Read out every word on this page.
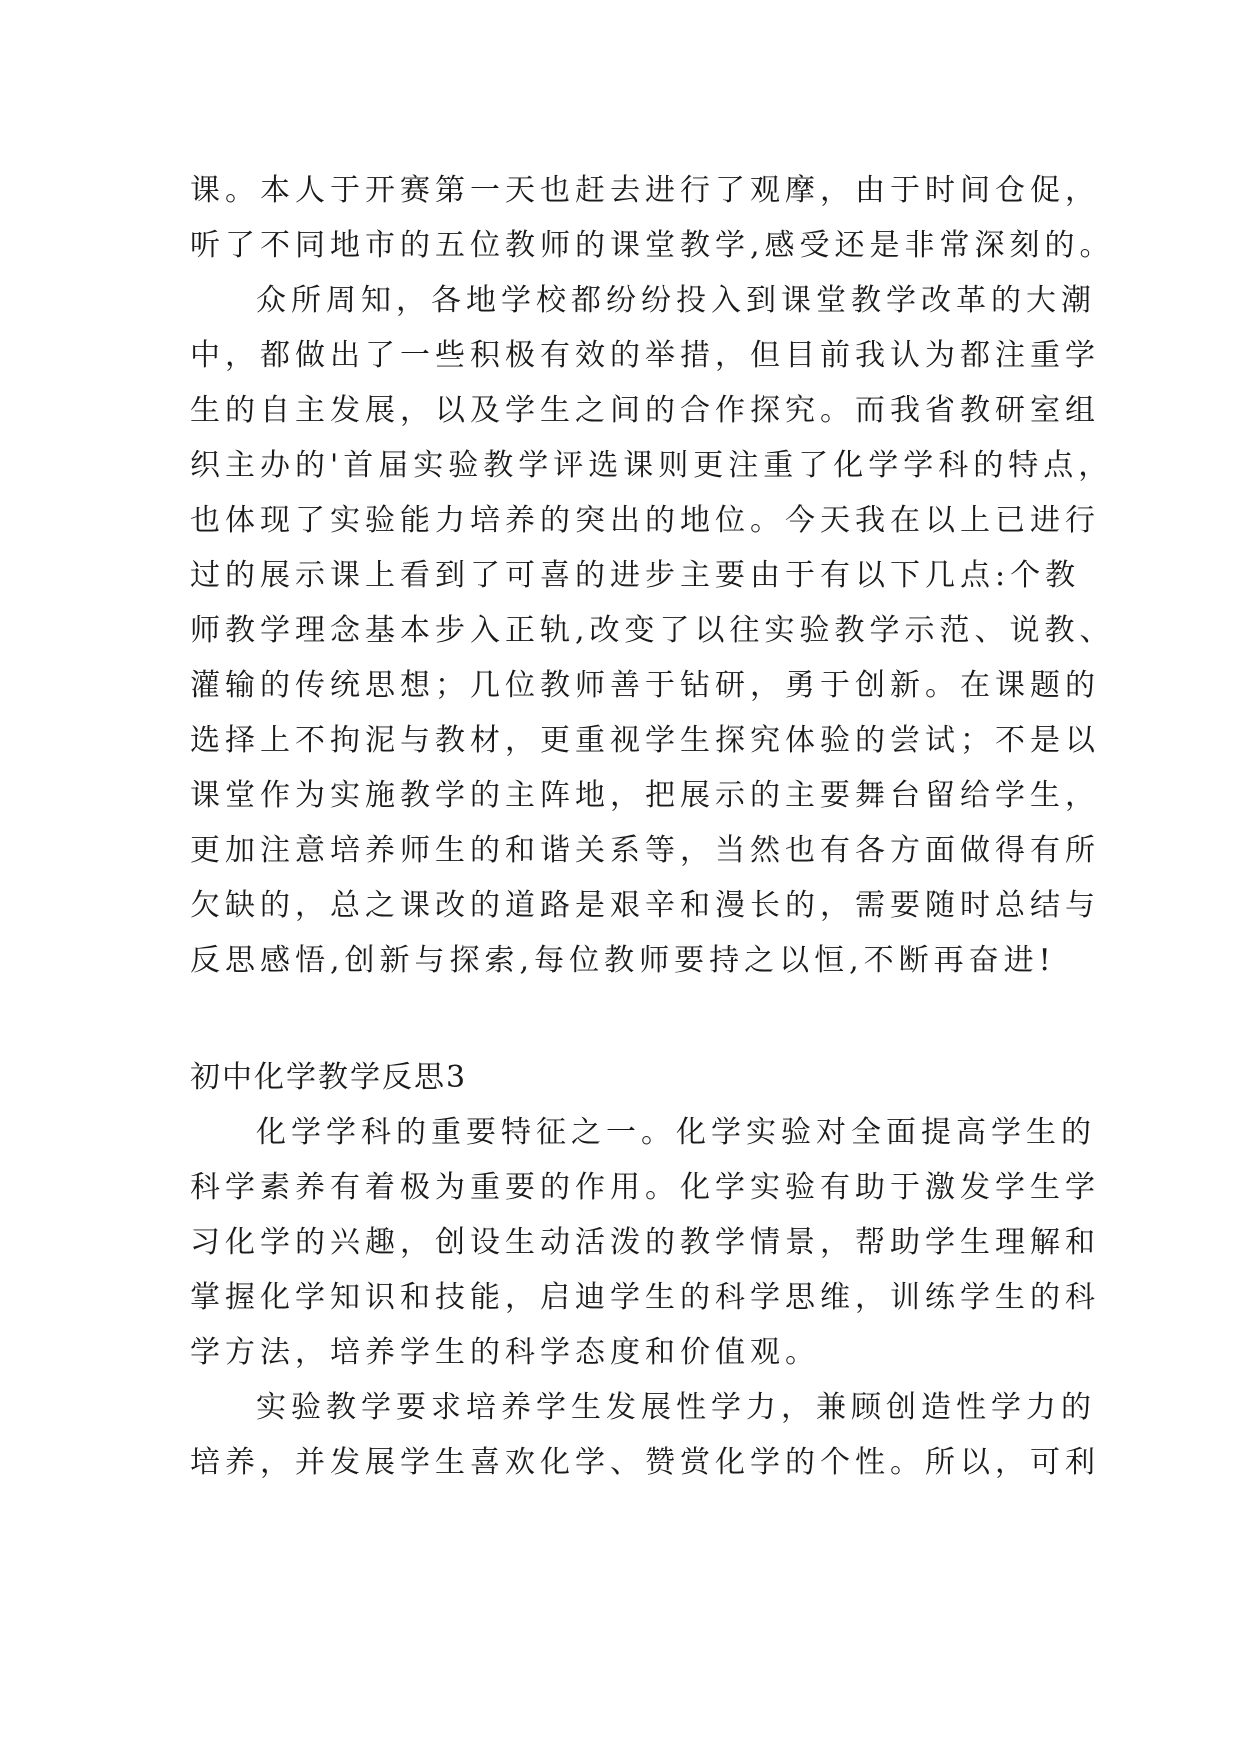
课。本人于开赛第一天也赶去进行了观摩，由于时间仓促，
听了不同地市的五位教师的课堂教学,感受还是非常深刻的。
众所周知，各地学校都纷纷投入到课堂教学改革的大潮
中，都做出了一些积极有效的举措，但目前我认为都注重学
生的自主发展，以及学生之间的合作探究。而我省教研室组
织主办的'首届实验教学评选课则更注重了化学学科的特点，
也体现了实验能力培养的突出的地位。今天我在以上已进行
过的展示课上看到了可喜的进步主要由于有以下几点:个教
师教学理念基本步入正轨,改变了以往实验教学示范、说教、
灌输的传统思想；几位教师善于钻研，勇于创新。在课题的
选择上不拘泥与教材，更重视学生探究体验的尝试；不是以
课堂作为实施教学的主阵地，把展示的主要舞台留给学生，
更加注意培养师生的和谐关系等，当然也有各方面做得有所
欠缺的，总之课改的道路是艰辛和漫长的，需要随时总结与
反思感悟,创新与探索,每位教师要持之以恒,不断再奋进!
初中化学教学反思3
化学学科的重要特征之一。化学实验对全面提高学生的
科学素养有着极为重要的作用。化学实验有助于激发学生学
习化学的兴趣，创设生动活泼的教学情景，帮助学生理解和
掌握化学知识和技能，启迪学生的科学思维，训练学生的科
学方法，培养学生的科学态度和价值观。
实验教学要求培养学生发展性学力，兼顾创造性学力的
培养，并发展学生喜欢化学、赞赏化学的个性。所以，可利
